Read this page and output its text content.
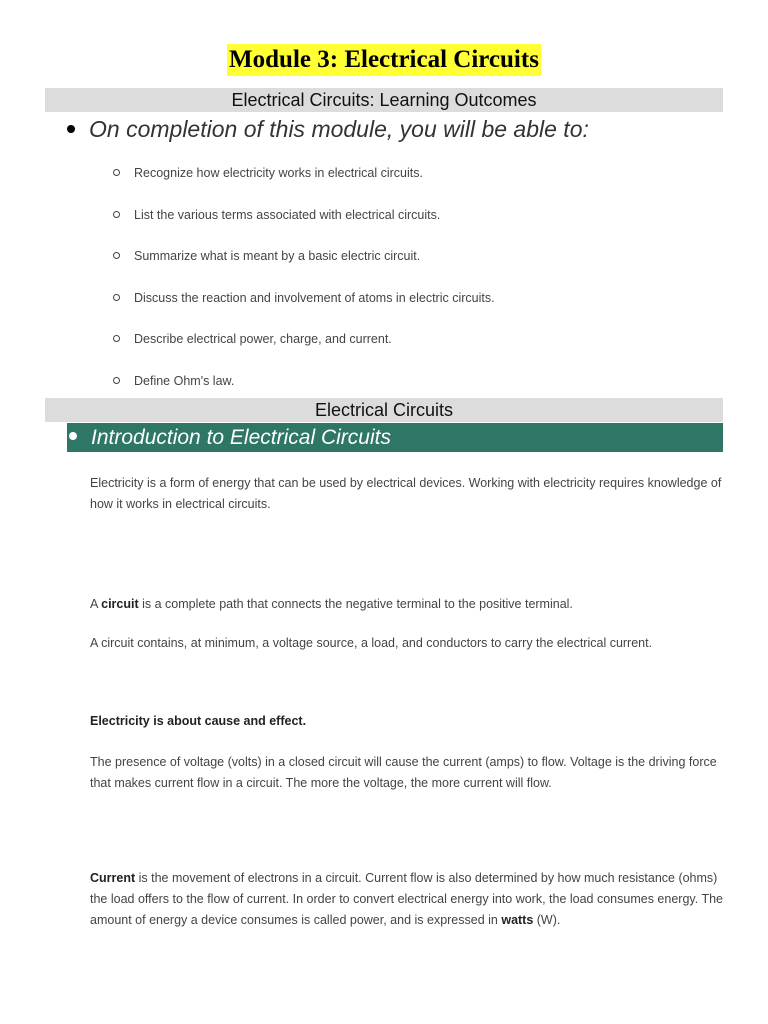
Module 3: Electrical Circuits
Electrical Circuits: Learning Outcomes
On completion of this module, you will be able to:
Recognize how electricity works in electrical circuits.
List the various terms associated with electrical circuits.
Summarize what is meant by a basic electric circuit.
Discuss the reaction and involvement of atoms in electric circuits.
Describe electrical power, charge, and current.
Define Ohm's law.
Electrical Circuits
Introduction to Electrical Circuits

Electricity is a form of energy that can be used by electrical devices. Working with electricity requires knowledge of how it works in electrical circuits.

A circuit is a complete path that connects the negative terminal to the positive terminal.

A circuit contains, at minimum, a voltage source, a load, and conductors to carry the electrical current.

Electricity is about cause and effect.

The presence of voltage (volts) in a closed circuit will cause the current (amps) to flow. Voltage is the driving force that makes current flow in a circuit. The more the voltage, the more current will flow.

Current is the movement of electrons in a circuit. Current flow is also determined by how much resistance (ohms) the load offers to the flow of current. In order to convert electrical energy into work, the load consumes energy. The amount of energy a device consumes is called power, and is expressed in watts (W).
